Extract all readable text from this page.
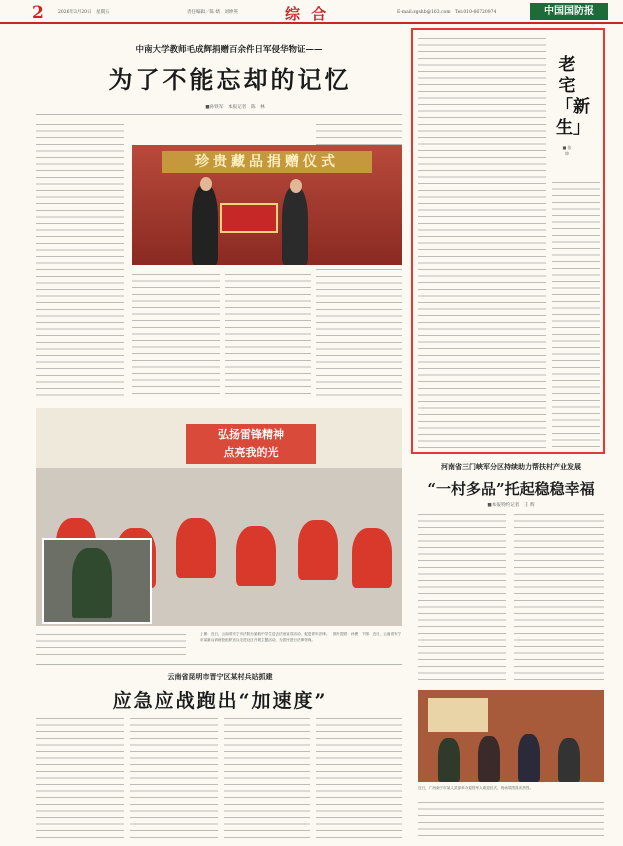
2	2026年3月20日　星期五	责任编辑／陈 婧　刘坤英	综 合	E-mail:zgshb@163.com　Tel:010-66720974	中国国防报
中南大学教师毛成辉捐赠百余件日军侵华物证——
为了不能忘却的记忆
■孙铁军　本报记者　陈　林
珍贵藏品捐赠仪式
老宅「新生」
■ 张 坤
弘扬雷锋精神
点亮我的光
上图：近日，云南省安宁市法院为某航中学生送去法治宣讲活动，促进青年法律。　图片提供：孙俊　下图：近日，云南省安宁市某新兵训练营组织官兵走进社区开展主题活动，为居民进行法律咨询。
河南省三门峡军分区持续助力帮扶村产业发展
“一村多品”托起稳稳幸福
■本报特约记者　王 辉
近日，广西南宁市某人武部举办退役军人欢迎仪式，现场氛围喜庆热烈。
云南省昆明市晋宁区某村兵站抓建
应急应战跑出“加速度”
